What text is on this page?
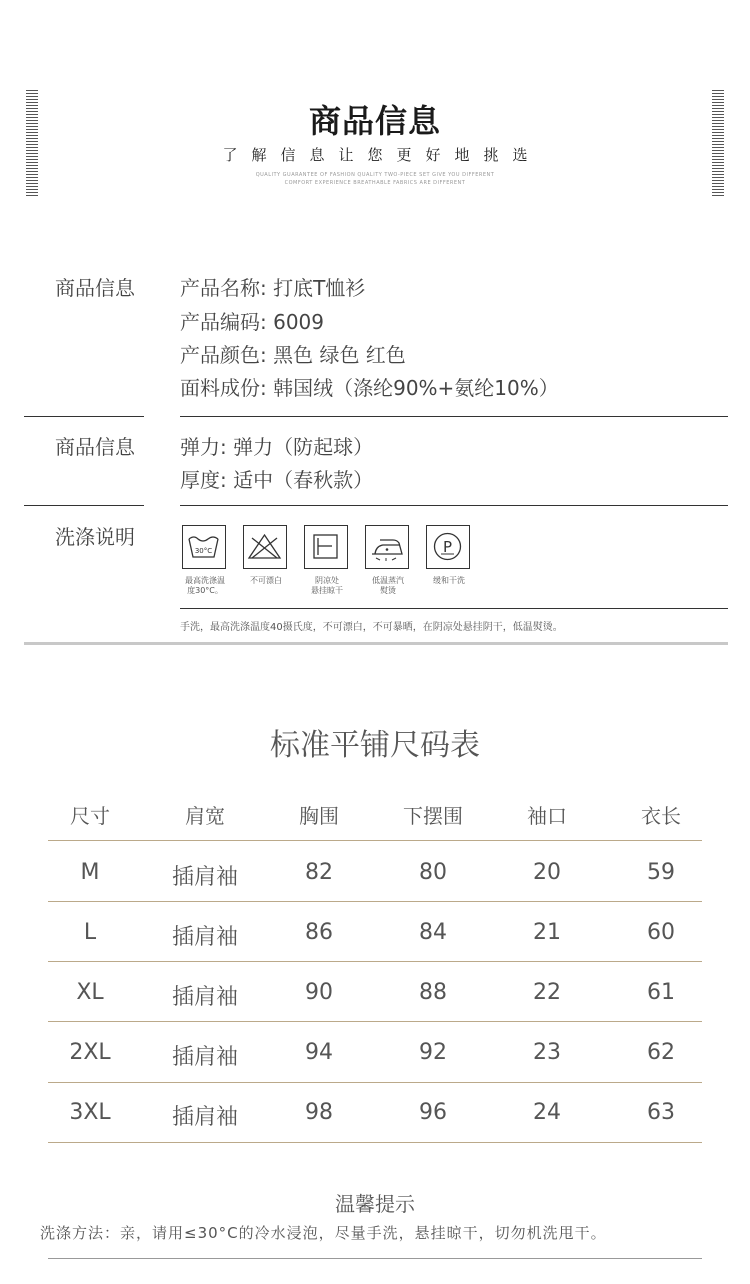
商品信息
了解信息让您更好地挑选
QUALITY GUARANTEE OF FASHION QUALITY TWO-PIECE SET GIVE YOU DIFFERENT
COMFORT EXPERIENCE BREATHABLE FABRICS ARE DIFFERENT
商品信息 产品名称: 打底T恤衫
产品编码: 6009
产品颜色: 黑色 绿色 红色
面料成份: 韩国绒（涤纶90%+氨纶10%）
商品信息 弹力: 弹力（防起球）
厚度: 适中（春秋款）
洗涤说明
30°C	P
最高洗涤温
度30°C。
不可漂白	阴凉处
悬挂晾干
低温蒸汽
熨烫
缓和干洗
手洗，最高洗涤温度40摄氏度，不可漂白，不可暴晒，在阴凉处悬挂阴干，低温熨烫。
标准平铺尺码表
尺寸	肩宽	胸围	下摆围	袖口	衣长
M	插肩袖	82	80	20	59
L	插肩袖	86	84	21	60
XL	插肩袖	90	88	22	61
2XL	插肩袖	94	92	23	62
3XL	插肩袖	98	96	24	63
温馨提示
洗涤方法：亲，请用≤30°C的冷水浸泡，尽量手洗，悬挂晾干，切勿机洗甩干。
